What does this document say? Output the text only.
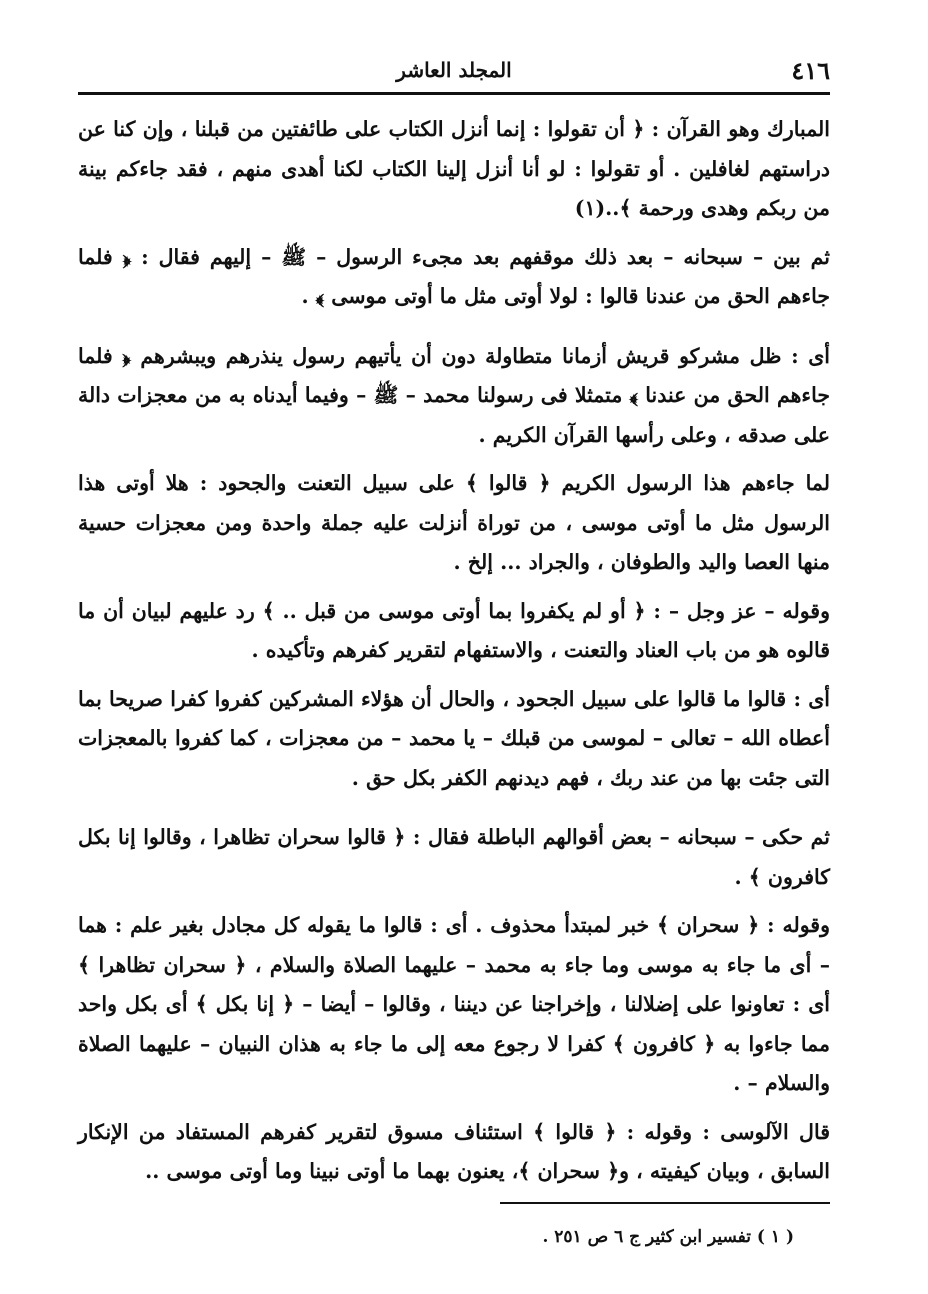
٤١٦
المجلد العاشر

المبارك وهو القرآن : ﴿ أن تقولوا : إنما أنزل الكتاب على طائفتين من قبلنا ، وإن كنا عن دراستهم لغافلين . أو تقولوا : لو أنا أنزل إلينا الكتاب لكنا أهدى منهم ، فقد جاءكم بينة من ربكم وهدى ورحمة ﴾..(١)

ثم بين – سبحانه – بعد ذلك موقفهم بعد مجىء الرسول – ﷺ – إليهم فقال : ﴿ فلما جاءهم الحق من عندنا قالوا : لولا أوتى مثل ما أوتى موسى ﴾ .

أى : ظل مشركو قريش أزمانا متطاولة دون أن يأتيهم رسول ينذرهم ويبشرهم ﴿ فلما جاءهم الحق من عندنا ﴾ متمثلا فى رسولنا محمد – ﷺ – وفيما أيدناه به من معجزات دالة على صدقه ، وعلى رأسها القرآن الكريم .

لما جاءهم هذا الرسول الكريم ﴿ قالوا ﴾ على سبيل التعنت والجحود : هلا أوتى هذا الرسول مثل ما أوتى موسى ، من توراة أنزلت عليه جملة واحدة ومن معجزات حسية منها العصا واليد والطوفان ، والجراد ... إلخ .

وقوله – عز وجل – : ﴿ أو لم يكفروا بما أوتى موسى من قبل .. ﴾ رد عليهم لبيان أن ما قالوه هو من باب العناد والتعنت ، والاستفهام لتقرير كفرهم وتأكيده .

أى : قالوا ما قالوا على سبيل الجحود ، والحال أن هؤلاء المشركين كفروا كفرا صريحا بما أعطاه الله – تعالى – لموسى من قبلك – يا محمد – من معجزات ، كما كفروا بالمعجزات التى جئت بها من عند ربك ، فهم ديدنهم الكفر بكل حق .

ثم حكى – سبحانه – بعض أقوالهم الباطلة فقال : ﴿ قالوا سحران تظاهرا ، وقالوا إنا بكل كافرون ﴾ .

وقوله : ﴿ سحران ﴾ خبر لمبتدأ محذوف . أى : قالوا ما يقوله كل مجادل بغير علم : هما – أى ما جاء به موسى وما جاء به محمد – عليهما الصلاة والسلام ، ﴿ سحران تظاهرا ﴾ أى : تعاونوا على إضلالنا ، وإخراجنا عن ديننا ، وقالوا – أيضا – ﴿ إنا بكل ﴾ أى بكل واحد مما جاءوا به ﴿ كافرون ﴾ كفرا لا رجوع معه إلى ما جاء به هذان النبيان – عليهما الصلاة والسلام – .

قال الآلوسى : وقوله : ﴿ قالوا ﴾ استئناف مسوق لتقرير كفرهم المستفاد من الإنكار السابق ، وبيان كيفيته ، و﴿ سحران ﴾، يعنون بهما ما أوتى نبينا وما أوتى موسى ..

( ١ ) تفسير ابن كثير ج ٦ ص ٢٥١ .
